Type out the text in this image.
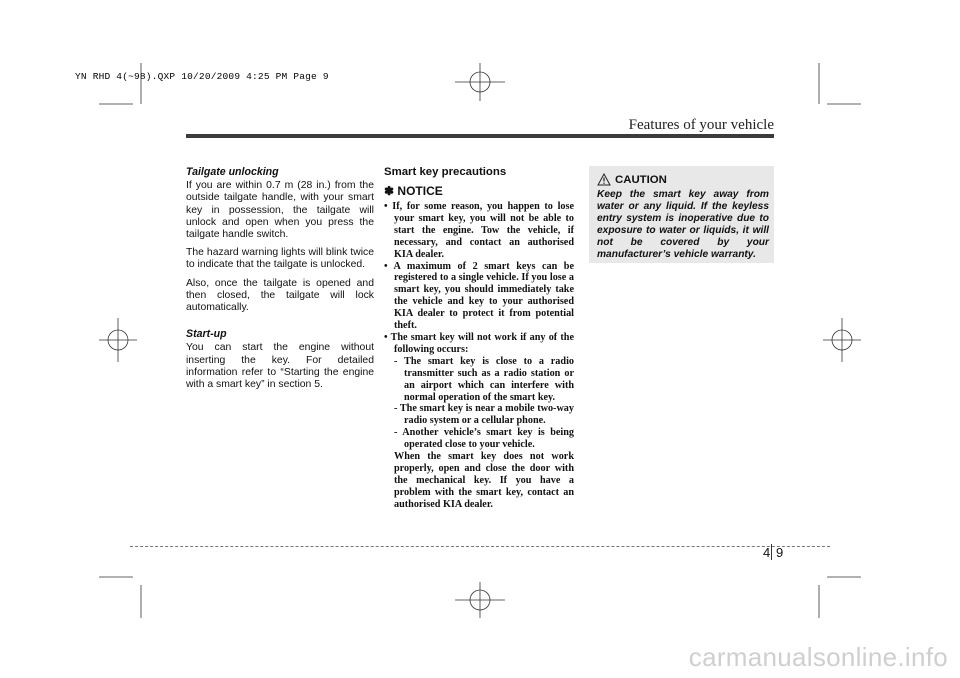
YN RHD 4(~98).QXP 10/20/2009 4:25 PM Page 9
Features of your vehicle
Tailgate unlocking

If you are within 0.7 m (28 in.) from the outside tailgate handle, with your smart key in possession, the tailgate will unlock and open when you press the tailgate handle switch.

The hazard warning lights will blink twice to indicate that the tailgate is unlocked.

Also, once the tailgate is opened and then closed, the tailgate will lock automatically.

Start-up

You can start the engine without inserting the key. For detailed information refer to “Starting the engine with a smart key” in section 5.

Smart key precautions
✽ NOTICE

• If, for some reason, you happen to lose your smart key, you will not be able to start the engine. Tow the vehicle, if necessary, and contact an authorised KIA dealer.

• A maximum of 2 smart keys can be registered to a single vehicle. If you lose a smart key, you should immediately take the vehicle and key to your authorised KIA dealer to protect it from potential theft.

• The smart key will not work if any of the following occurs:

- The smart key is close to a radio transmitter such as a radio station or an airport which can interfere with normal operation of the smart key.

- The smart key is near a mobile two-way radio system or a cellular phone.

- Another vehicle’s smart key is being operated close to your vehicle.

When the smart key does not work properly, open and close the door with the mechanical key. If you have a problem with the smart key, contact an authorised KIA dealer.

CAUTION
Keep the smart key away from water or any liquid. If the keyless entry system is inoperative due to exposure to water or liquids, it will not be covered by your manufacturer’s vehicle warranty.
4 9
carmanualsonline.info
